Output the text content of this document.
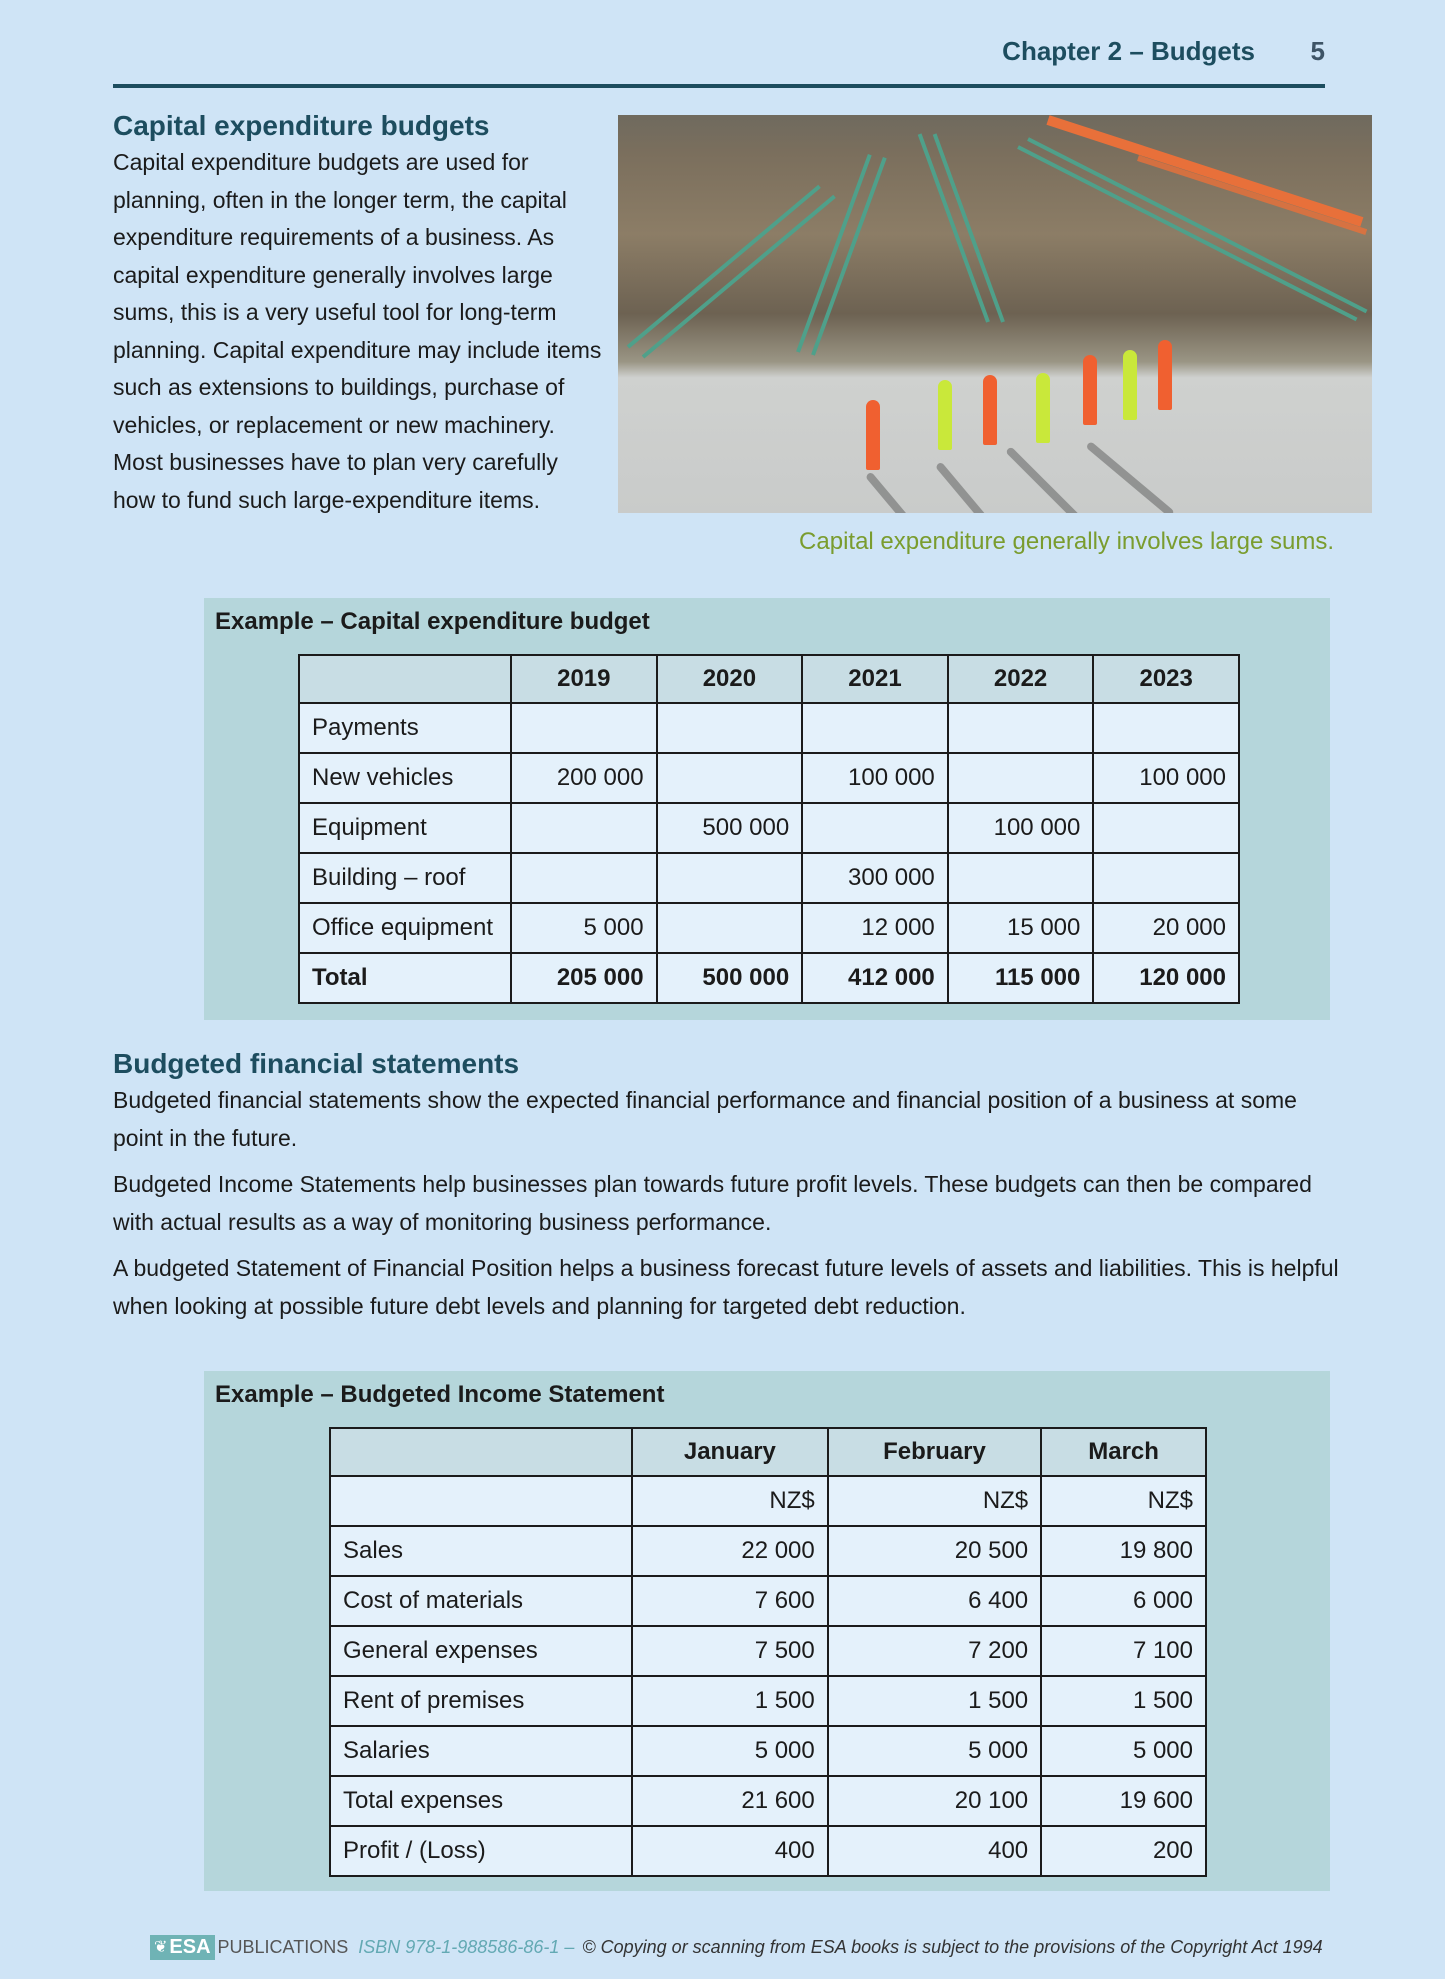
Chapter 2 – Budgets 5
Capital expenditure budgets
Capital expenditure budgets are used for planning, often in the longer term, the capital expenditure requirements of a business. As capital expenditure generally involves large sums, this is a very useful tool for long-term planning. Capital expenditure may include items such as extensions to buildings, purchase of vehicles, or replacement or new machinery. Most businesses have to plan very carefully how to fund such large-expenditure items.
Capital expenditure generally involves large sums.
Example – Capital expenditure budget
	2019	2020	2021	2022	2023
Payments					
New vehicles	200 000		100 000		100 000
Equipment		500 000		100 000	
Building – roof			300 000		
Office equipment	5 000		12 000	15 000	20 000
Total	205 000	500 000	412 000	115 000	120 000
Budgeted financial statements

Budgeted financial statements show the expected financial performance and financial position of a business at some point in the future.

Budgeted Income Statements help businesses plan towards future profit levels. These budgets can then be compared with actual results as a way of monitoring business performance.

A budgeted Statement of Financial Position helps a business forecast future levels of assets and liabilities. This is helpful when looking at possible future debt levels and planning for targeted debt reduction.

Example – Budgeted Income Statement
	January	February	March
	NZ$	NZ$	NZ$
Sales	22 000	20 500	19 800
Cost of materials	7 600	6 400	6 000
General expenses	7 500	7 200	7 100
Rent of premises	1 500	1 500	1 500
Salaries	5 000	5 000	5 000
Total expenses	21 600	20 100	19 600
Profit / (Loss)	400	400	200
❦ ESA PUBLICATIONS ISBN 978-1-988586-86-1 – © Copying or scanning from ESA books is subject to the provisions of the Copyright Act 1994
